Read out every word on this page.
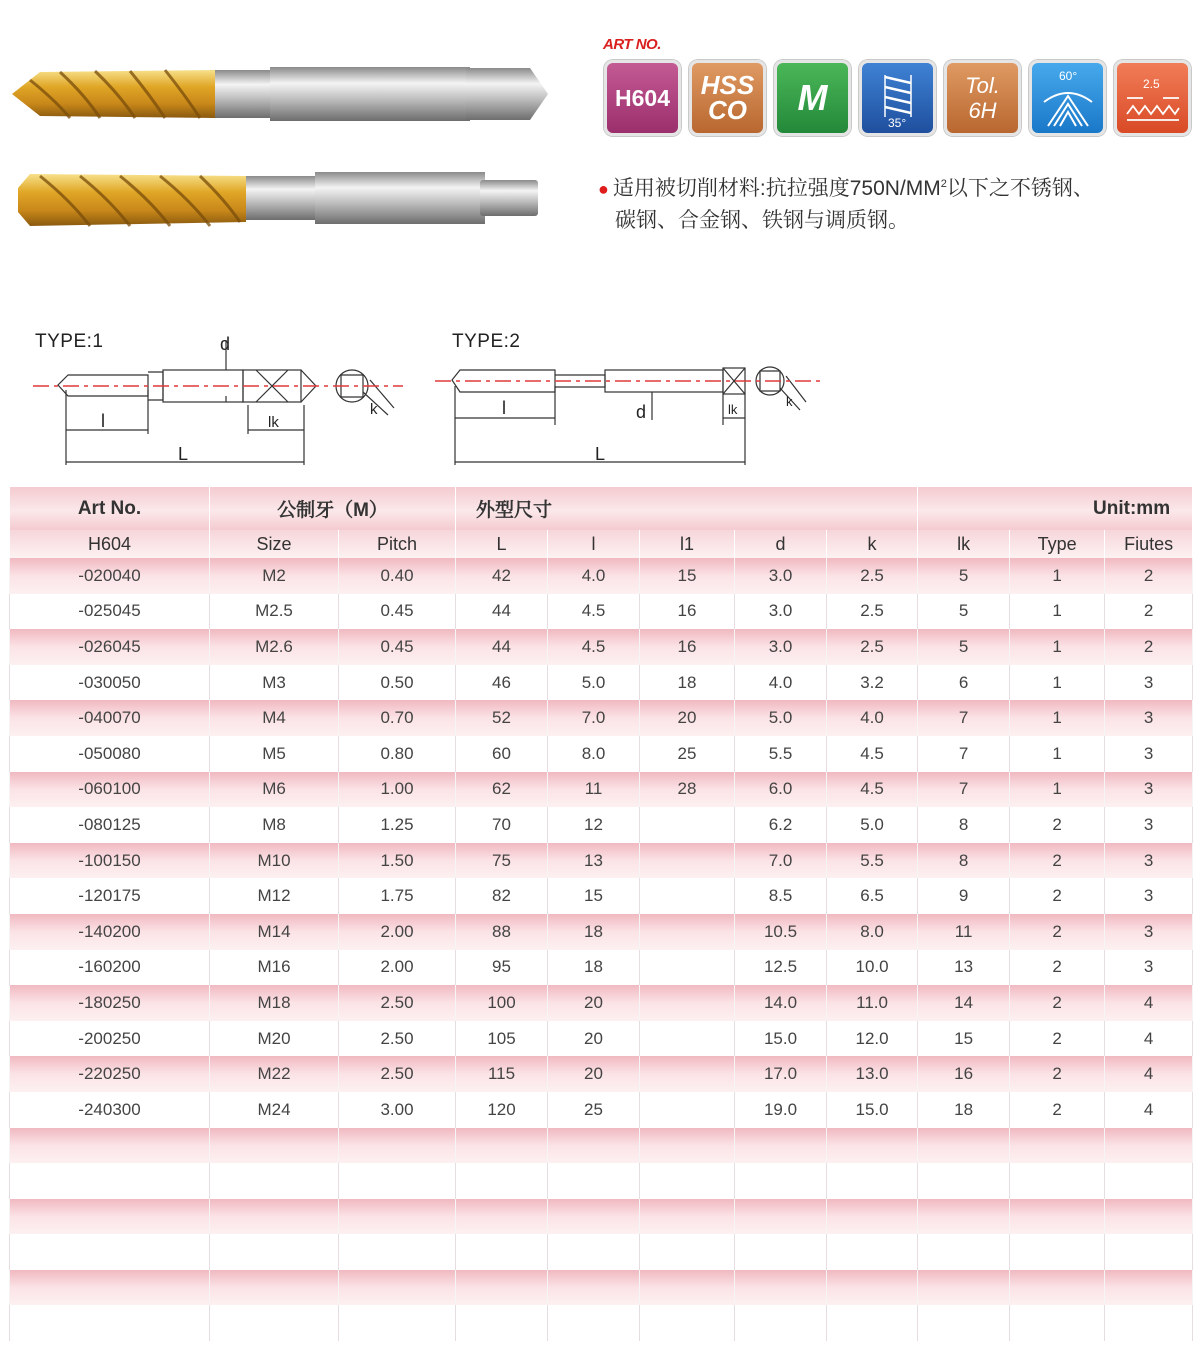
ART NO.
H604 HSS
CO M
35°
Tol.
6H
60°
2.5
● 适用被切削材料:抗拉强度$750N/MM^2$以下之不锈钢、
碳钢、合金钢、铁钢与调质钢。
TYPE:1	TYPE:2
d
l
L
lk
k	d
l
L
lk
k
Art No.	公制牙（M）		外型尺寸					Unit:mm		
H604	Size	Pitch	L	l	l1	d	k	lk	Type	Fiutes
-020040	M2	0.40	42	4.0	15	3.0	2.5	5	1	2
-025045	M2.5	0.45	44	4.5	16	3.0	2.5	5	1	2
-026045	M2.6	0.45	44	4.5	16	3.0	2.5	5	1	2
-030050	M3	0.50	46	5.0	18	4.0	3.2	6	1	3
-040070	M4	0.70	52	7.0	20	5.0	4.0	7	1	3
-050080	M5	0.80	60	8.0	25	5.5	4.5	7	1	3
-060100	M6	1.00	62	11	28	6.0	4.5	7	1	3
-080125	M8	1.25	70	12		6.2	5.0	8	2	3
-100150	M10	1.50	75	13		7.0	5.5	8	2	3
-120175	M12	1.75	82	15		8.5	6.5	9	2	3
-140200	M14	2.00	88	18		10.5	8.0	11	2	3
-160200	M16	2.00	95	18		12.5	10.0	13	2	3
-180250	M18	2.50	100	20		14.0	11.0	14	2	4
-200250	M20	2.50	105	20		15.0	12.0	15	2	4
-220250	M22	2.50	115	20		17.0	13.0	16	2	4
-240300	M24	3.00	120	25		19.0	15.0	18	2	4
